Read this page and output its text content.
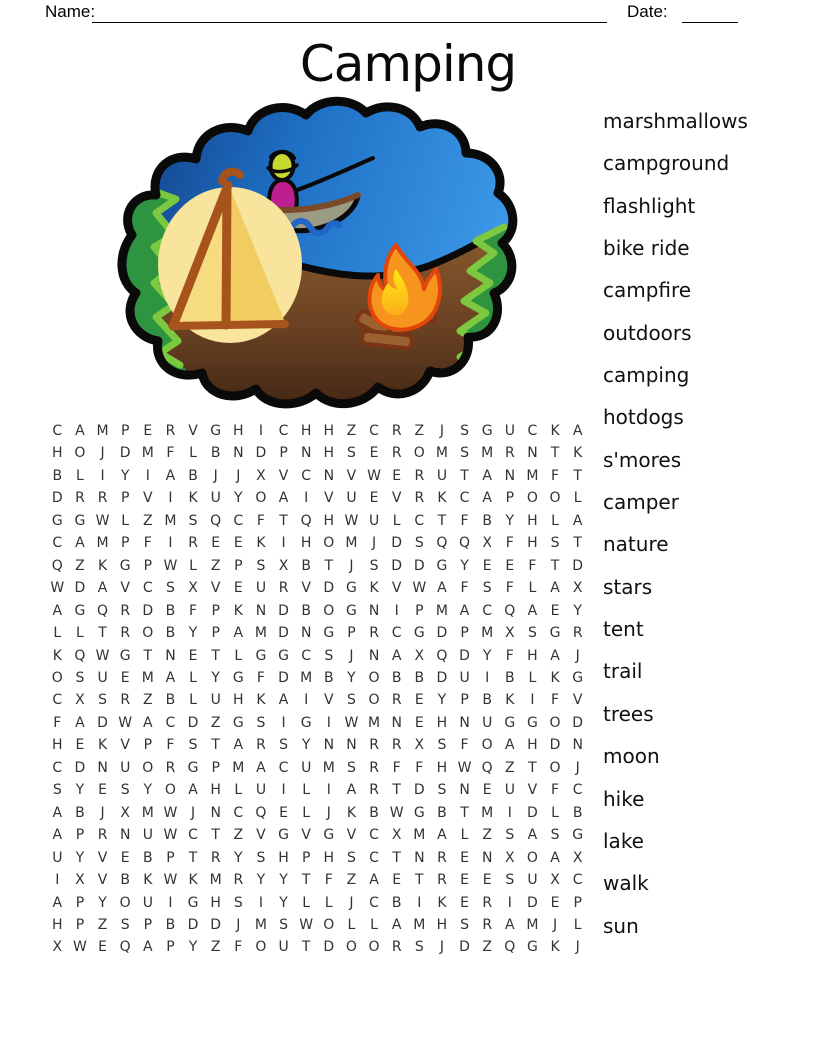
Name:	Date:
Camping
C A M P E R V G H	I	C H H Z C R Z	J	S G U C K A
H O	J	D M F	L B N D P N H S E R O M S M R N T K
B L	I	Y	I	A B	J	J	X V C N V W E R U T A N M F	T
D R R P V	I	K U Y O A	I	V U E V R K C A P O O L
G G W L Z M S Q C F	T Q H W U L C T	F B Y H L A
C A M P	F	I	R E E K	I	H O M	J	D S Q Q X F H S T
Q Z K G P W L Z P S X B T	J	S D D G Y E E	F	T D
W D A V C S X V E U R V D G K V W A F	S	F	L A X
A G Q R D B F	P K N D B O G N	I	P M A C Q A E Y
L	L	T R O B Y	P A M D N G P R C G D P M X S G R
K Q W G T N E T	L G G C S	J	N A X Q D Y	F H A	J
O S U E M A L	Y G F D M B Y O B B D U	I	B L	K G
C X S R Z B L U H K A	I	V S O R E Y	P B K	I	F V
F A D W A C D Z G S	I	G	I W M N E H N U G G O D
H E K V P	F	S T A R S Y N N R R X S	F O A H D N
C D N U O R G P M A C U M S R F	F H W Q Z T O	J
S Y E S Y O A H L U	I	L	I	A R T D S N E U V F C
A B	J	X M W J	N C Q E	L	J	K B W G B T M	I	D L B
A P R N U W C T Z V G V G V C X M A L Z S A S G
U Y V E B P	T R Y S H P H S C T N R E N X O A X
I	X V B K W K M R Y	Y	T	F Z A E T R E E S U X C
A P	Y O U	I	G H S	I	Y	L	L	J	C B	I	K E R	I	D E P
H P Z S P B D D	J	M S W O L	L A M H S R A M	J	L
X W E Q A P	Y Z F O U T D O O R S	J	D Z Q G K	J
marshmallows
campground
flashlight
bike ride
campfire
outdoors
camping
hotdogs
s'mores
camper
nature
stars
tent
trail
trees
moon
hike
lake
walk
sun
